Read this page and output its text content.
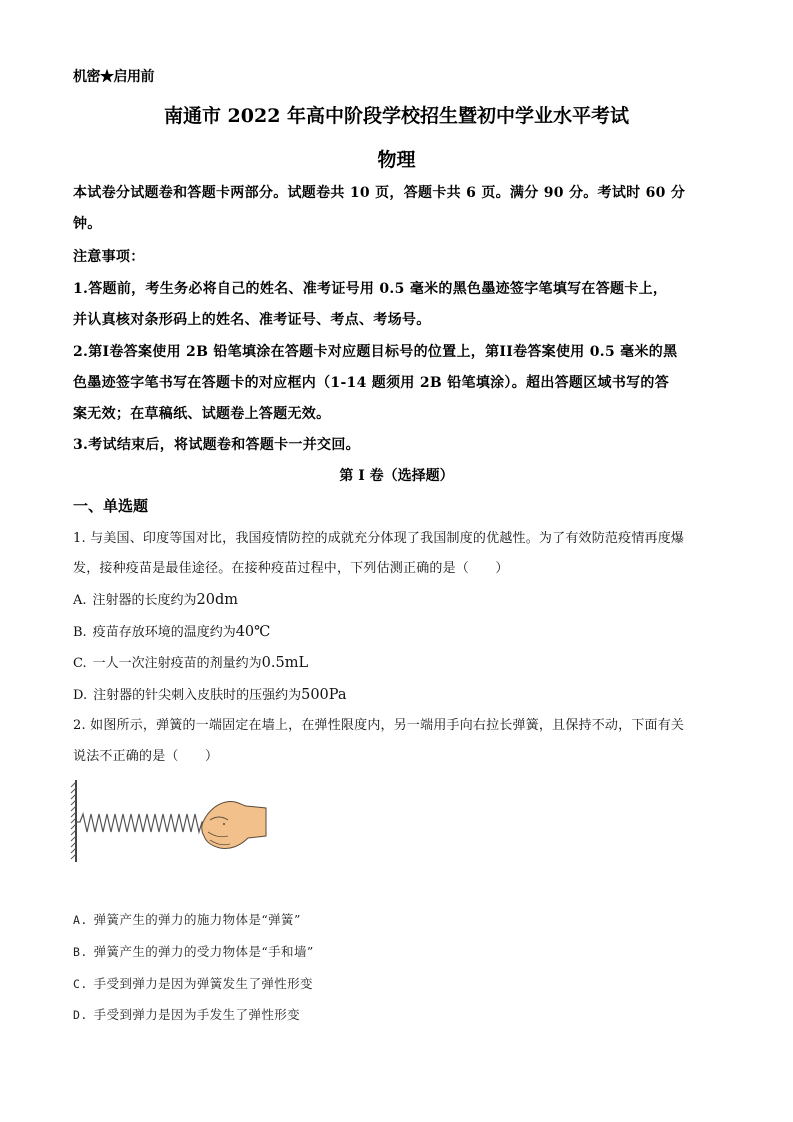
机密★启用前
南通市 2022 年高中阶段学校招生暨初中学业水平考试
物理
本试卷分试题卷和答题卡两部分。试题卷共 10 页，答题卡共 6 页。满分 90 分。考试时 60 分
钟。
注意事项：
1.答题前，考生务必将自己的姓名、准考证号用 0.5 毫米的黑色墨迹签字笔填写在答题卡上，
并认真核对条形码上的姓名、准考证号、考点、考场号。
2.第I卷答案使用 2B 铅笔填涂在答题卡对应题目标号的位置上，第II卷答案使用 0.5 毫米的黑
色墨迹签字笔书写在答题卡的对应框内（1-14 题须用 2B 铅笔填涂）。超出答题区域书写的答
案无效；在草稿纸、试题卷上答题无效。
3.考试结束后，将试题卷和答题卡一并交回。
第 I 卷（选择题）
一、单选题
1. 与美国、印度等国对比，我国疫情防控的成就充分体现了我国制度的优越性。为了有效防范疫情再度爆
发，接种疫苗是最佳途径。在接种疫苗过程中，下列估测正确的是（　　）
A. 注射器的长度约为20dm
B. 疫苗存放环境的温度约为40℃
C. 一人一次注射疫苗的剂量约为0.5mL
D. 注射器的针尖刺入皮肤时的压强约为500Pa
2. 如图所示，弹簧的一端固定在墙上，在弹性限度内，另一端用手向右拉长弹簧，且保持不动，下面有关
说法不正确的是（　　）
A. 弹簧产生的弹力的施力物体是“弹簧”
B. 弹簧产生的弹力的受力物体是“手和墙”
C. 手受到弹力是因为弹簧发生了弹性形变
D. 手受到弹力是因为手发生了弹性形变
